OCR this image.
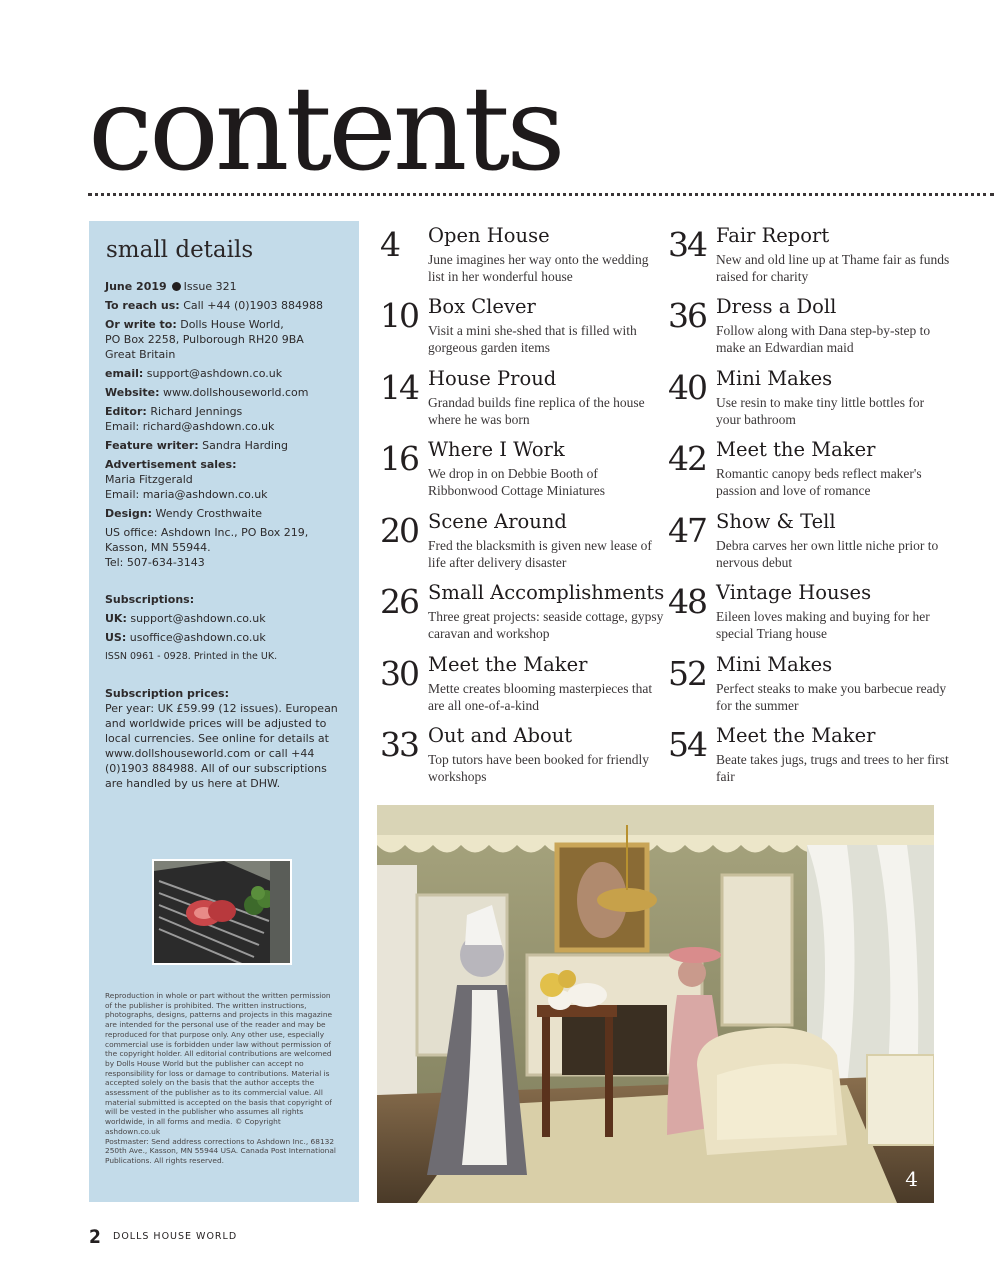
contents
small details

June 2019 Issue 321

To reach us: Call +44 (0)1903 884988

Or write to: Dolls House World,
PO Box 2258, Pulborough RH20 9BA
Great Britain

email: support@ashdown.co.uk

Website: www.dollshouseworld.com

Editor: Richard Jennings
Email: richard@ashdown.co.uk

Feature writer: Sandra Harding

Advertisement sales:
Maria Fitzgerald
Email: maria@ashdown.co.uk

Design: Wendy Crosthwaite

US office: Ashdown Inc., PO Box 219,
Kasson, MN 55944.
Tel: 507-634-3143

Subscriptions:

UK: support@ashdown.co.uk

US: usoffice@ashdown.co.uk

ISSN 0961 - 0928. Printed in the UK.

Subscription prices:
Per year: UK £59.99 (12 issues). European and worldwide prices will be adjusted to local currencies. See online for details at www.dollshouseworld.com or call +44 (0)1903 884988. All of our subscriptions are handled by us here at DHW.

Reproduction in whole or part without the written permission of the publisher is prohibited. The written instructions, photographs, designs, patterns and projects in this magazine are intended for the personal use of the reader and may be reproduced for that purpose only. Any other use, especially commercial use is forbidden under law without permission of the copyright holder. All editorial contributions are welcomed by Dolls House World but the publisher can accept no responsibility for loss or damage to contributions. Material is accepted solely on the basis that the author accepts the assessment of the publisher as to its commercial value. All material submitted is accepted on the basis that copyright of will be vested in the publisher who assumes all rights worldwide, in all forms and media. © Copyright ashdown.co.uk

Postmaster: Send address corrections to Ashdown Inc., 68132 250th Ave., Kasson, MN 55944 USA. Canada Post International Publications. All rights reserved.

4 Open House
June imagines her way onto the wedding list in her wonderful house
10 Box Clever
Visit a mini she-shed that is filled with gorgeous garden items
14 House Proud
Grandad builds fine replica of the house where he was born
16 Where I Work
We drop in on Debbie Booth of Ribbonwood Cottage Miniatures
20 Scene Around
Fred the blacksmith is given new lease of life after delivery disaster
26 Small Accomplishments
Three great projects: seaside cottage, gypsy caravan and workshop
30 Meet the Maker
Mette creates blooming masterpieces that are all one-of-a-kind
33 Out and About
Top tutors have been booked for friendly workshops
34 Fair Report
New and old line up at Thame fair as funds raised for charity
36 Dress a Doll
Follow along with Dana step-by-step to make an Edwardian maid
40 Mini Makes
Use resin to make tiny little bottles for your bathroom
42 Meet the Maker
Romantic canopy beds reflect maker's passion and love of romance
47 Show & Tell
Debra carves her own little niche prior to nervous debut
48 Vintage Houses
Eileen loves making and buying for her special Triang house
52 Mini Makes
Perfect steaks to make you barbecue ready for the summer
54 Meet the Maker
Beate takes jugs, trugs and trees to her first fair
4
2 DOLLS HOUSE WORLD
